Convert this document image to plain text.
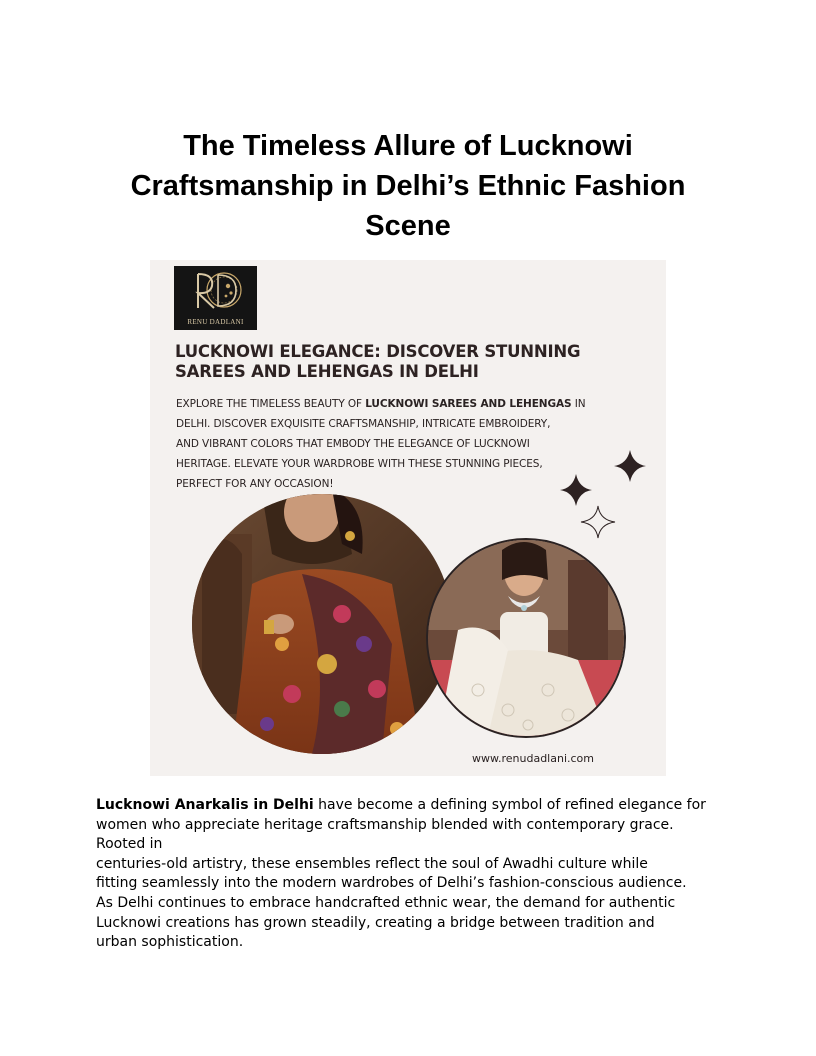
The Timeless Allure of Lucknowi
Craftsmanship in Delhi’s Ethnic Fashion
Scene
RENU DADLANI
LUCKNOWI ELEGANCE: DISCOVER STUNNING
SAREES AND LEHENGAS IN DELHI

EXPLORE THE TIMELESS BEAUTY OF LUCKNOWI SAREES AND LEHENGAS IN
DELHI. DISCOVER EXQUISITE CRAFTSMANSHIP, INTRICATE EMBROIDERY,
AND VIBRANT COLORS THAT EMBODY THE ELEGANCE OF LUCKNOWI
HERITAGE. ELEVATE YOUR WARDROBE WITH THESE STUNNING PIECES,
PERFECT FOR ANY OCCASION!

www.renudadlani.com

Lucknowi Anarkalis in Delhi have become a defining symbol of refined elegance for
women who appreciate heritage craftsmanship blended with contemporary grace.
Rooted in
centuries-old artistry, these ensembles reflect the soul of Awadhi culture while
fitting seamlessly into the modern wardrobes of Delhi’s fashion-conscious audience.
As Delhi continues to embrace handcrafted ethnic wear, the demand for authentic
Lucknowi creations has grown steadily, creating a bridge between tradition and
urban sophistication.
